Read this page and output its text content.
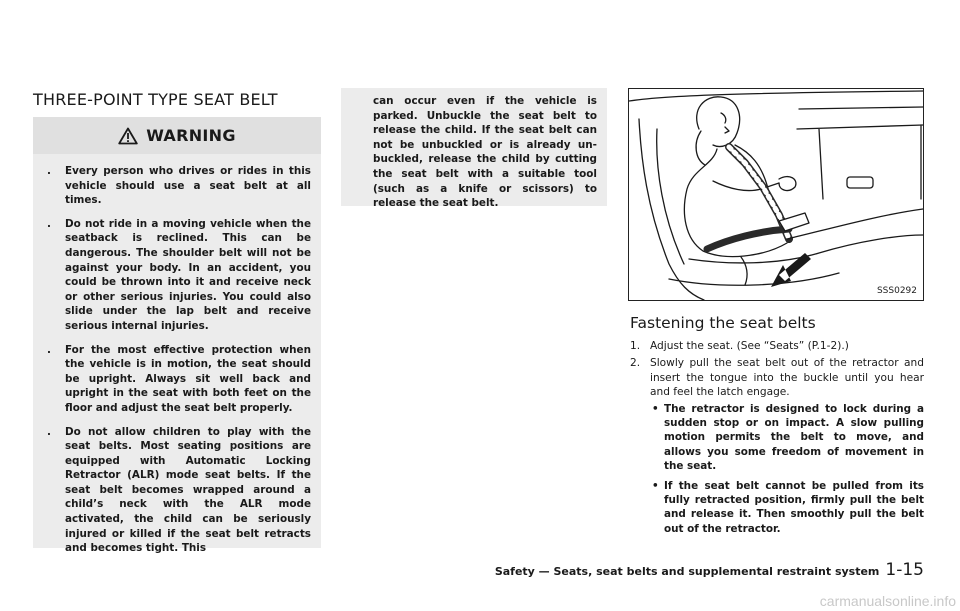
THREE-POINT TYPE SEAT BELT
WARNING
. Every person who drives or rides in this vehicle should use a seat belt at all times.
. Do not ride in a moving vehicle when the seatback is reclined. This can be dangerous. The shoulder belt will not be against your body. In an accident, you could be thrown into it and receive neck or other serious injuries. You could also slide under the lap belt and receive serious internal injuries.
. For the most effective protection when the vehicle is in motion, the seat should be upright. Always sit well back and upright in the seat with both feet on the floor and adjust the seat belt properly.
. Do not allow children to play with the seat belts. Most seating positions are equipped with Automatic Locking Retractor (ALR) mode seat belts. If the seat belt becomes wrapped around a child’s neck with the ALR mode activated, the child can be seriously injured or killed if the seat belt retracts and becomes tight. This

can occur even if the vehicle is parked. Unbuckle the seat belt to release the child. If the seat belt can not be unbuckled or is already un-buckled, release the child by cutting the seat belt with a suitable tool (such as a knife or scissors) to release the seat belt.

SSS0292
Fastening the seat belts
1. Adjust the seat. (See “Seats” (P.1-2).)
2. Slowly pull the seat belt out of the retractor and insert the tongue into the buckle until you hear and feel the latch engage.
• The retractor is designed to lock during a sudden stop or on impact. A slow pulling motion permits the belt to move, and allows you some freedom of movement in the seat.
• If the seat belt cannot be pulled from its fully retracted position, firmly pull the belt and release it. Then smoothly pull the belt out of the retractor.
Safety — Seats, seat belts and supplemental restraint system 1-15
carmanualsonline.info
